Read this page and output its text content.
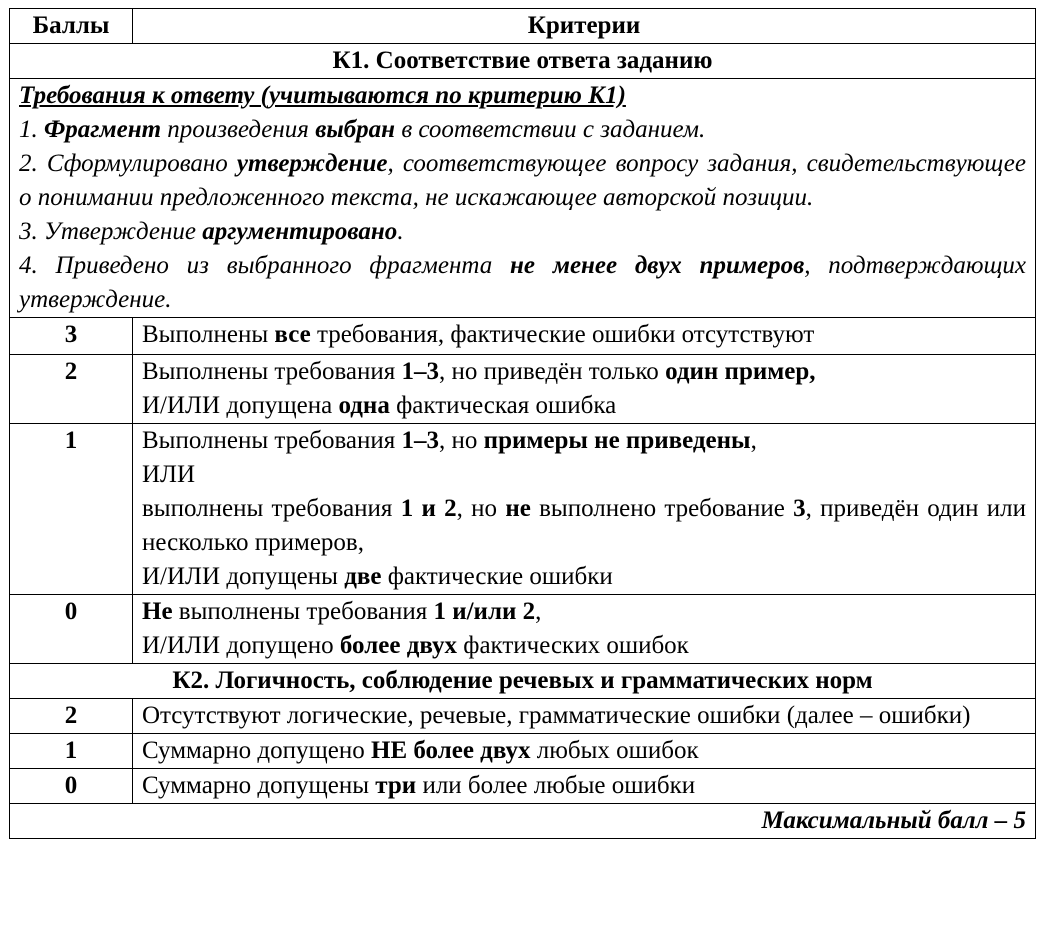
Баллы	Критерии
К1. Соответствие ответа заданию	

Требования к ответу (учитываются по критерию К1)

1. Фрагмент произведения выбран в соответствии с заданием.

2. Сформулировано утверждение, соответствующее вопросу задания, свидетельствующее о понимании предложенного текста, не искажающее авторской позиции.

3. Утверждение аргументировано.

4. Приведено из выбранного фрагмента не менее двух примеров, подтверждающих утверждение.	

3	Выполнены все требования, фактические ошибки отсутствуют

2	Выполнены требования 1–3, но приведён только один пример,

И/ИЛИ допущена одна фактическая ошибка

1	Выполнены требования 1–3, но примеры не приведены,

ИЛИ

выполнены требования 1 и 2, но не выполнено требование 3, приведён один или несколько примеров,

И/ИЛИ допущены две фактические ошибки

0	Не выполнены требования 1 и/или 2,

И/ИЛИ допущено более двух фактических ошибок

К2. Логичность, соблюдение речевых и грамматических норм	
2	Отсутствуют логические, речевые, грамматические ошибки (далее – ошибки)
1	Суммарно допущено НЕ более двух любых ошибок

0	Суммарно допущены три или более любые ошибки

Максимальный балл – 5	
